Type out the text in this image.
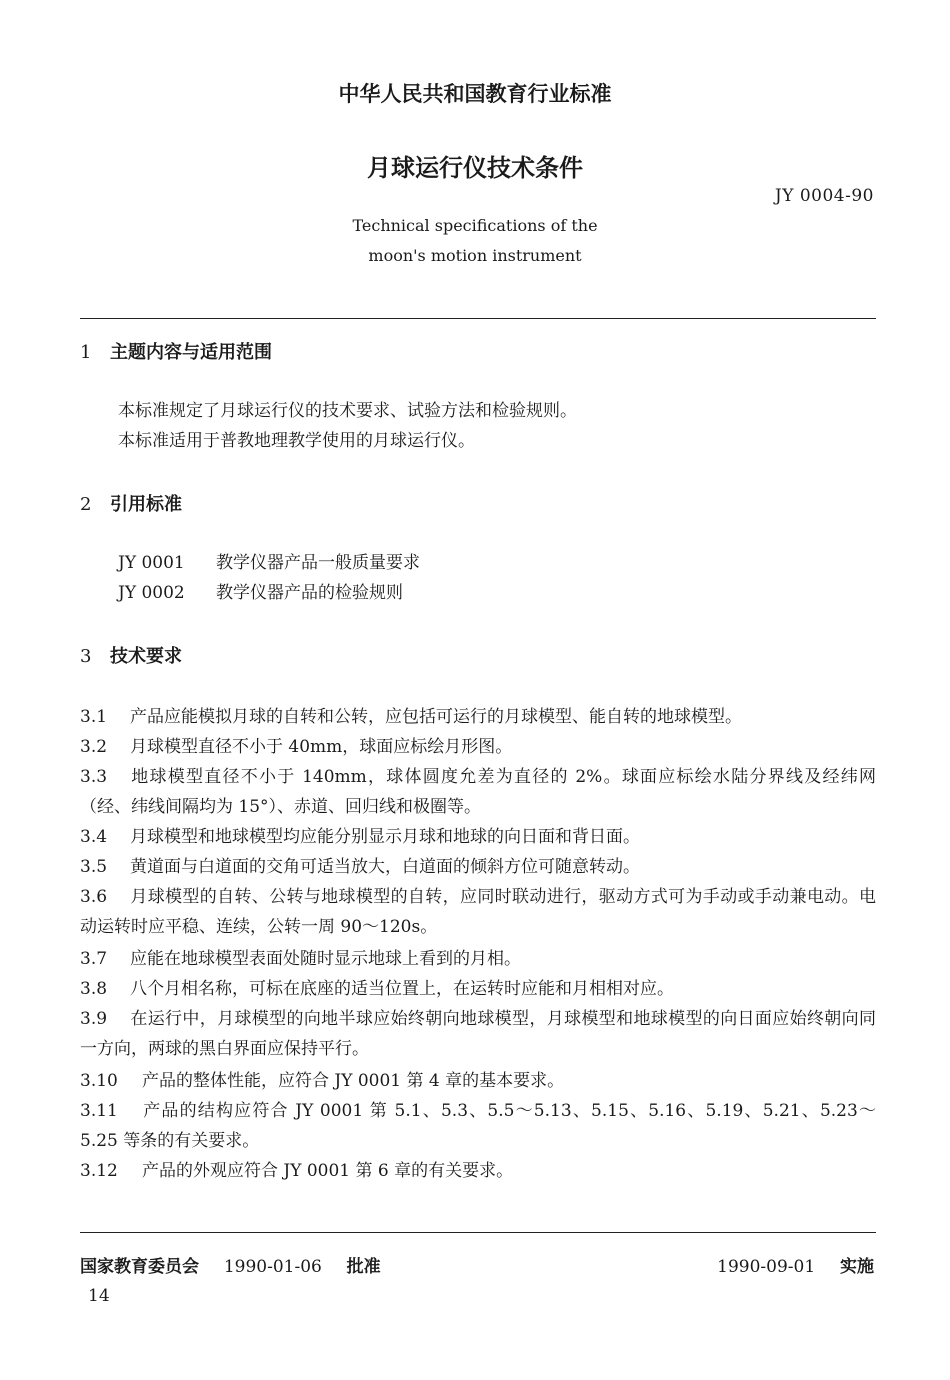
中华人民共和国教育行业标准
月球运行仪技术条件
JY 0004-90
Technical specifications of the
moon's motion instrument
1 主题内容与适用范围
本标准规定了月球运行仪的技术要求、试验方法和检验规则。
本标准适用于普教地理教学使用的月球运行仪。
2 引用标准
JY 0001 教学仪器产品一般质量要求
JY 0002 教学仪器产品的检验规则
3 技术要求
3.1 产品应能模拟月球的自转和公转，应包括可运行的月球模型、能自转的地球模型。
3.2 月球模型直径不小于 40mm，球面应标绘月形图。
3.3 地球模型直径不小于 140mm，球体圆度允差为直径的 2%。球面应标绘水陆分界线及经纬网（经、纬线间隔均为 15°）、赤道、回归线和极圈等。
3.4 月球模型和地球模型均应能分别显示月球和地球的向日面和背日面。
3.5 黄道面与白道面的交角可适当放大，白道面的倾斜方位可随意转动。
3.6 月球模型的自转、公转与地球模型的自转，应同时联动进行，驱动方式可为手动或手动兼电动。电动运转时应平稳、连续，公转一周 90～120s。
3.7 应能在地球模型表面处随时显示地球上看到的月相。
3.8 八个月相名称，可标在底座的适当位置上，在运转时应能和月相相对应。
3.9 在运行中，月球模型的向地半球应始终朝向地球模型，月球模型和地球模型的向日面应始终朝向同一方向，两球的黑白界面应保持平行。
3.10 产品的整体性能，应符合 JY 0001 第 4 章的基本要求。
3.11 产品的结构应符合 JY 0001 第 5.1、5.3、5.5～5.13、5.15、5.16、5.19、5.21、5.23～5.25 等条的有关要求。
3.12 产品的外观应符合 JY 0001 第 6 章的有关要求。
国家教育委员会 1990-01-06 批准	1990-09-01 实施
14
